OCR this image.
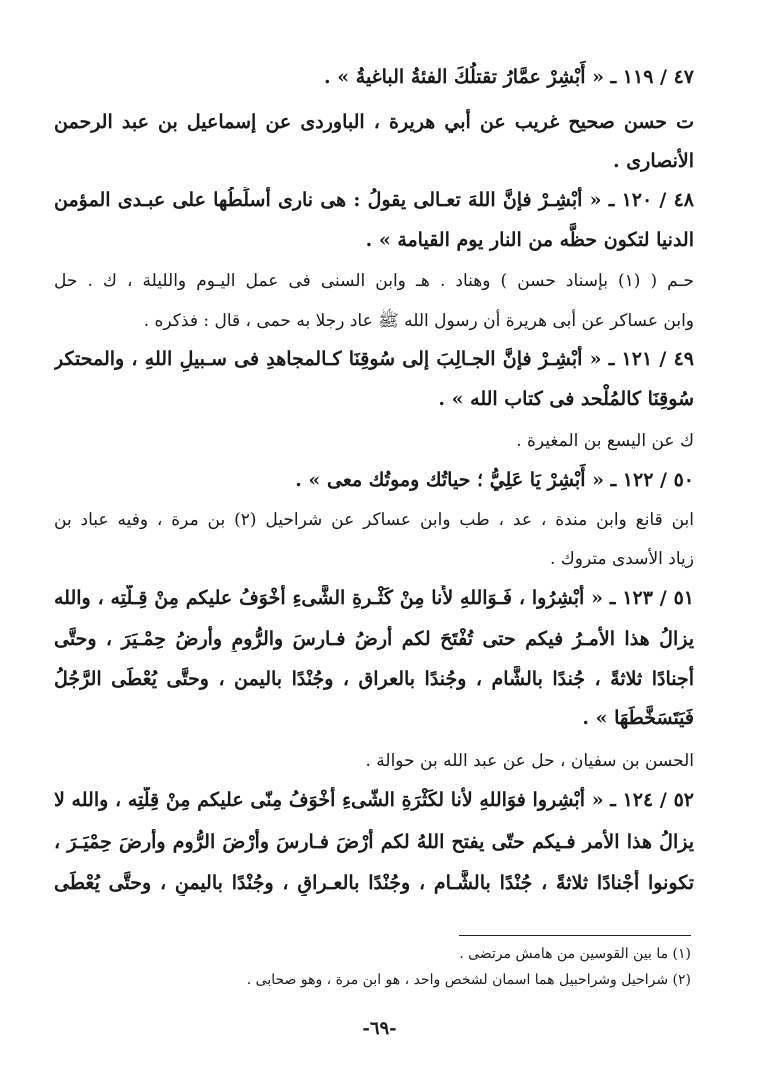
٤٧ / ١١٩ ـ « أَبْشِرْ عمَّارُ تقتلُكَ الفئةُ الباغيةُ » .
ت حسن صحيح غريب عن أبي هريرة ، الباوردى عن إسماعيل بن عبد الرحمن
الأنصارى .
٤٨ / ١٢٠ ـ « أَبْشِـرْ فإنَّ اللهَ تعـالى يقولُ : هى نارى أُسلِّطُها على عبـدى المؤمن
الدنيا لتكون حظَّه من النار يوم القيامة » .
حـم ( (١) بإسناد حسن ) وهناد . هـ وابن السنى فى عمل اليـوم والليلة ، ك . حل
وابن عساكر عن أبى هريرة أن رسول الله ﷺ عاد رجلا به حمى ، قال : فذكره .
٤٩ / ١٢١ ـ « أَبْشِـرْ فإنَّ الجـالِبَ إلى سُوقِنَا كـالمجاهدِ فى سـبيلِ اللهِ ، والمحتكر
سُوقِنَا كالمُلْحد فى كتاب الله » .
ك عن اليسع بن المغيرة .
٥٠ / ١٢٢ ـ « أَبْشِرْ يَا عَلِيُّ ؛ حياتُك وموتُك معى » .
ابن قانع وابن مندة ، عد ، طب وابن عساكر عن شراحيل (٢) بن مرة ، وفيه عباد بن
زياد الأسدى متروك .
٥١ / ١٢٣ ـ « أَبْشِرُوا ، فَـوَاللهِ لأَنا مِنْ كَثْـرةِ الشَّىءِ أَخْوَفُ عليكم مِنْ قِـلَّتِه ، والله
يزالُ هذا الأمـرُ فيكم حتى تُفْتَحَ لكم أرضُ فـارسَ والرُّومِ وأرضُ حِمْـيَرَ ، وحتَّى
أجنادًا ثلاثةً ، جُندًا بالشَّام ، وجُندًا بالعراق ، وجُنْدًا باليمن ، وحتَّى يُعْطَى الرَّجُلُ
فَيَتَسَخَّطَهَا » .
الحسن بن سفيان ، حل عن عبد الله بن حوالة .
٥٢ / ١٢٤ ـ « أَبْشِروا فوَاللهِ لأنا لكَثْرَةِ الشّىءِ أَخْوَفُ مِنّى عليكم مِنْ قِلَّتِه ، والله لا
يزالُ هذا الأمر فـيكم حتّى يفتح اللهُ لكم أَرْضَ فـارسَ وأَرْضَ الرُّوم وأرضَ حِمْيَـرَ ،
تكونوا أَجْنادًا ثلاثةً ، جُنْدًا بالشَّـام ، وجُنْدًا بالعـراقِ ، وجُنْدًا باليمنِ ، وحتَّى يُعْطَى
(١) ما بين القوسين من هامش مرتضى .
(٢) شراحيل وشراحبيل هما اسمان لشخص واحد ، هو ابن مرة ، وهو صحابى .
-٦٩-
